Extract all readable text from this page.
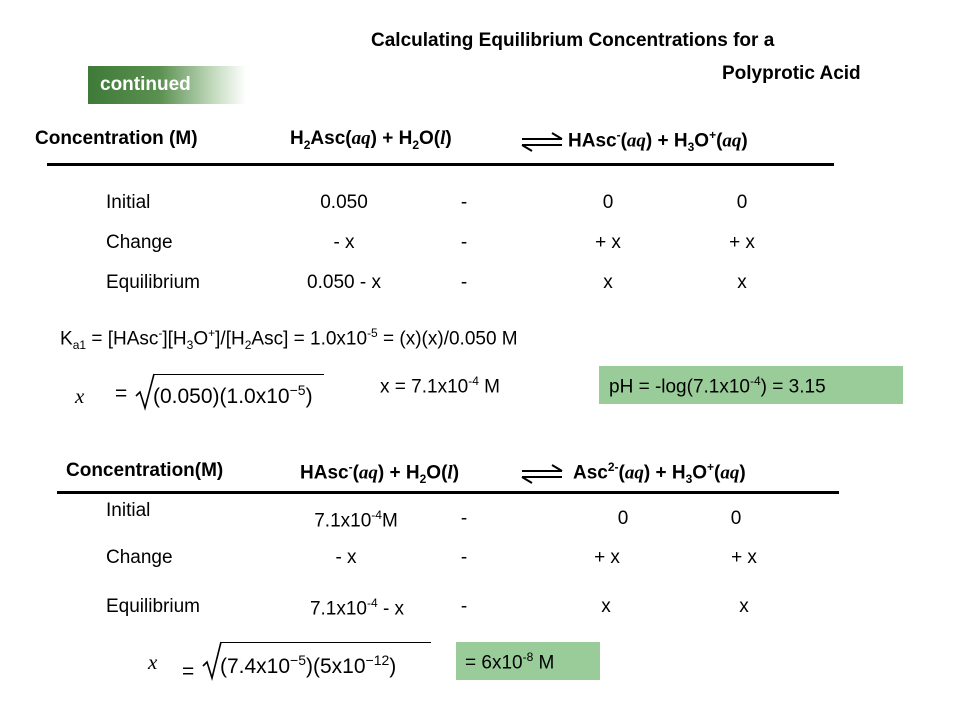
Calculating Equilibrium Concentrations for a
Polyprotic Acid
continued
Concentration (M)	$H_2Asc(aq) + H_2O(l)$	⇌ HAsc-(aq) + $H_3O^+(aq)$
Initial	0.050	-	0	0
Change	- x	-	+ x	+ x
Equilibrium	0.050 - x	-	x	x
$K_{a1}$ = $[HAsc^-][H_3O^+]/[H_2Asc] = 1.0x10^{-5} = (x)(x)/0.050$ M
$x = (0.050)(1.0x10^{-5})$	$x = 7.1x10^{-4}$ M	pH = $-\log(7.1x10^{-4}) = 3.15$
Concentration(M)	HAsc-(aq) + $H_2O(l)$	⇌ $Asc^{2-}(aq) + H_3O^+(aq)$
Initial	$7.1x10^{-4}M$	-	0	0
Change	- x	-	+ x	+ x
Equilibrium	$7.1x10^{-4}$ - x	-	x	x
$x = (7.4x10^{-5})(5x10^{-12})$	= $6x10^{-8}$ M
